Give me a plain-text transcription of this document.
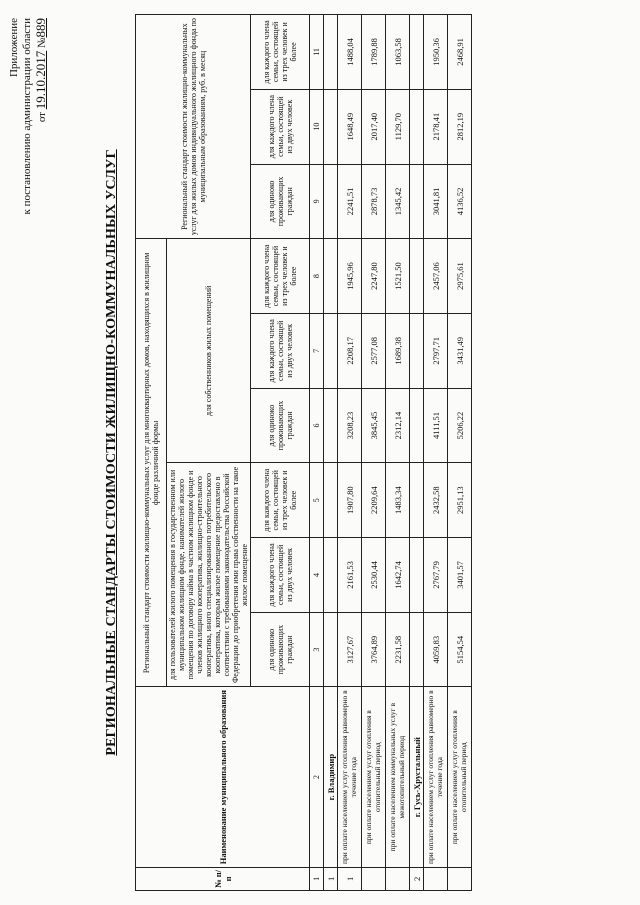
Приложение к постановлению администрации области от 19.10.2017 №889
РЕГИОНАЛЬНЫЕ СТАНДАРТЫ СТОИМОСТИ ЖИЛИЩНО-КОММУНАЛЬНЫХ УСЛУГ
№ п/п	Наименование муниципального образования	Региональный стандарт стоимости жилищно-коммунальных услуг для многоквартирных домов, находящихся в жилищном фонде различной формы						Региональный стандарт стоимости жилищно-коммунальных услуг для жилых домов индивидуального жилищного фонда по муниципальным образованиям, руб. в месяц		
		для пользователей жилого помещения в государственном или муниципальном жилищном фонде, нанимателей жилого помещения по договору найма в частном жилищном фонде и членов жилищного кооператива, жилищно-строительного кооператива, иного специализированного потребительского кооператива, которым жилое помещение предоставлено в соответствии с требованиями законодательства Российской Федерации до приобретения ими права собственности на такое жилое помещение			для собственников жилых помещений					

		для одиноко проживающих граждан	для каждого члена семьи, состоящей из двух человек	для каждого члена семьи, состоящей из трех человек и более	для одиноко проживающих граждан	для каждого члена семьи, состоящей из двух человек	для каждого члена семьи, состоящей из трех человек и более	для одиноко проживающих граждан	для каждого члена семьи, состоящей из двух человек	для каждого члена семьи, состоящей из трех человек и более
1	2	3	4	5	6	7	8	9	10	11
1	г. Владимир									
1	при оплате населением услуг отопления равномерно в течение года	3127,67	2161,53	1907,80	3208,23	2208,17	1945,96	2241,51	1648,49	1488,04
	при оплате населением услуг отопления в отопительный период	3764,89	2530,44	2209,64	3845,45	2577,08	2247,80	2878,73	2017,40	1789,88
	при оплате населением коммунальных услуг в межотопительный период	2231,58	1642,74	1483,34	2312,14	1689,38	1521,50	1345,42	1129,70	1063,58
2	г. Гусь-Хрустальный									
	при оплате населением услуг отопления равномерно в течение года	4059,83	2767,79	2432,58	4111,51	2797,71	2457,06	3041,81	2178,41	1950,36
	при оплате населением услуг отопления в отопительный период	5154,54	3401,57	2951,13	5206,22	3431,49	2975,61	4136,52	2812,19	2468,91
